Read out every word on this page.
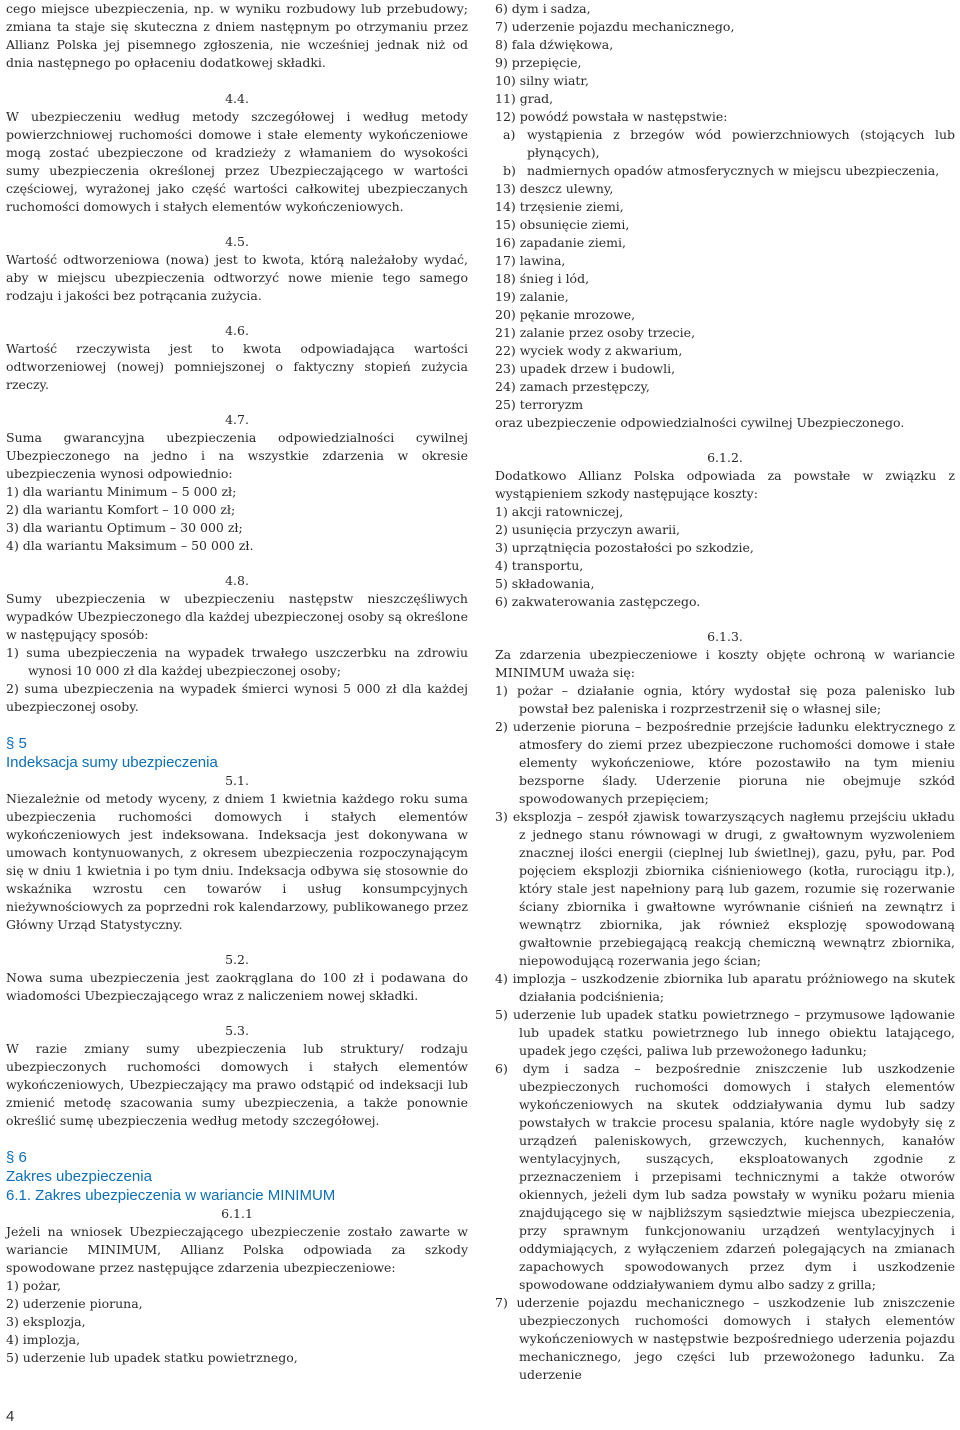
cego miejsce ubezpieczenia, np. w wyniku rozbudowy lub przebudowy; zmiana ta staje się skuteczna z dniem następnym po otrzymaniu przez Allianz Polska jej pisemnego zgłoszenia, nie wcześniej jednak niż od dnia następnego po opłaceniu dodatkowej składki.

4.4.

W ubezpieczeniu według metody szczegółowej i według metody powierzchniowej ruchomości domowe i stałe elementy wykończeniowe mogą zostać ubezpieczone od kradzieży z włamaniem do wysokości sumy ubezpieczenia określonej przez Ubezpieczającego w wartości częściowej, wyrażonej jako część wartości całkowitej ubezpieczanych ruchomości domowych i stałych elementów wykończeniowych.

4.5.

Wartość odtworzeniowa (nowa) jest to kwota, którą należałoby wydać, aby w miejscu ubezpieczenia odtworzyć nowe mienie tego samego rodzaju i jakości bez potrącania zużycia.

4.6.

Wartość rzeczywista jest to kwota odpowiadająca wartości odtworzeniowej (nowej) pomniejszonej o faktyczny stopień zużycia rzeczy.

4.7.

Suma gwarancyjna ubezpieczenia odpowiedzialności cywilnej Ubezpieczonego na jedno i na wszystkie zdarzenia w okresie ubezpieczenia wynosi odpowiednio:

1) dla wariantu Minimum – 5 000 zł;
2) dla wariantu Komfort – 10 000 zł;
3) dla wariantu Optimum – 30 000 zł;
4) dla wariantu Maksimum – 50 000 zł.

4.8.

Sumy ubezpieczenia w ubezpieczeniu następstw nieszczęśliwych wypadków Ubezpieczonego dla każdej ubezpieczonej osoby są określone w następujący sposób:

1) suma ubezpieczenia na wypadek trwałego uszczerbku na zdrowiu wynosi 10 000 zł dla każdej ubezpieczonej osoby;

2) suma ubezpieczenia na wypadek śmierci wynosi 5 000 zł dla każdej ubezpieczonej osoby.

§ 5
Indeksacja sumy ubezpieczenia

5.1.

Niezależnie od metody wyceny, z dniem 1 kwietnia każdego roku suma ubezpieczenia ruchomości domowych i stałych elementów wykończeniowych jest indeksowana. Indeksacja jest dokonywana w umowach kontynuowanych, z okresem ubezpieczenia rozpoczynającym się w dniu 1 kwietnia i po tym dniu. Indeksacja odbywa się stosownie do wskaźnika wzrostu cen towarów i usług konsumpcyjnych nieżywnościowych za poprzedni rok kalendarzowy, publikowanego przez Główny Urząd Statystyczny.

5.2.

Nowa suma ubezpieczenia jest zaokrąglana do 100 zł i podawana do wiadomości Ubezpieczającego wraz z naliczeniem nowej składki.

5.3.

W razie zmiany sumy ubezpieczenia lub struktury/ rodzaju ubezpieczonych ruchomości domowych i stałych elementów wykończeniowych, Ubezpieczający ma prawo odstąpić od indeksacji lub zmienić metodę szacowania sumy ubezpieczenia, a także ponownie określić sumę ubezpieczenia według metody szczegółowej.

§ 6
Zakres ubezpieczenia
6.1. Zakres ubezpieczenia w wariancie MINIMUM

6.1.1

Jeżeli na wniosek Ubezpieczającego ubezpieczenie zostało zawarte w wariancie MINIMUM, Allianz Polska odpowiada za szkody spowodowane przez następujące zdarzenia ubezpieczeniowe:

1) pożar,
2) uderzenie pioruna,
3) eksplozja,
4) implozja,
5) uderzenie lub upadek statku powietrznego,
6) dym i sadza,
7) uderzenie pojazdu mechanicznego,
8) fala dźwiękowa,
9) przepięcie,
10) silny wiatr,
11) grad,
12) powódź powstała w następstwie:

a) wystąpienia z brzegów wód powierzchniowych (stojących lub płynących),

b) nadmiernych opadów atmosferycznych w miejscu ubezpieczenia,

13) deszcz ulewny,
14) trzęsienie ziemi,
15) obsunięcie ziemi,
16) zapadanie ziemi,
17) lawina,
18) śnieg i lód,
19) zalanie,
20) pękanie mrozowe,
21) zalanie przez osoby trzecie,
22) wyciek wody z akwarium,
23) upadek drzew i budowli,
24) zamach przestępczy,
25) terroryzm

oraz ubezpieczenie odpowiedzialności cywilnej Ubezpieczonego.

6.1.2.

Dodatkowo Allianz Polska odpowiada za powstałe w związku z wystąpieniem szkody następujące koszty:

1) akcji ratowniczej,
2) usunięcia przyczyn awarii,
3) uprzątnięcia pozostałości po szkodzie,
4) transportu,
5) składowania,
6) zakwaterowania zastępczego.

6.1.3.

Za zdarzenia ubezpieczeniowe i koszty objęte ochroną w wariancie MINIMUM uważa się:

1) pożar – działanie ognia, który wydostał się poza palenisko lub powstał bez paleniska i rozprzestrzenił się o własnej sile;

2) uderzenie pioruna – bezpośrednie przejście ładunku elektrycznego z atmosfery do ziemi przez ubezpieczone ruchomości domowe i stałe elementy wykończeniowe, które pozostawiło na tym mieniu bezsporne ślady. Uderzenie pioruna nie obejmuje szkód spowodowanych przepięciem;

3) eksplozja – zespół zjawisk towarzyszących nagłemu przejściu układu z jednego stanu równowagi w drugi, z gwałtownym wyzwoleniem znacznej ilości energii (cieplnej lub świetlnej), gazu, pyłu, par. Pod pojęciem eksplozji zbiornika ciśnieniowego (kotła, rurociągu itp.), który stale jest napełniony parą lub gazem, rozumie się rozerwanie ściany zbiornika i gwałtowne wyrównanie ciśnień na zewnątrz i wewnątrz zbiornika, jak również eksplozję spowodowaną gwałtownie przebiegającą reakcją chemiczną wewnątrz zbiornika, niepowodującą rozerwania jego ścian;

4) implozja – uszkodzenie zbiornika lub aparatu próżniowego na skutek działania podciśnienia;

5) uderzenie lub upadek statku powietrznego – przymusowe lądowanie lub upadek statku powietrznego lub innego obiektu latającego, upadek jego części, paliwa lub przewożonego ładunku;

6) dym i sadza – bezpośrednie zniszczenie lub uszkodzenie ubezpieczonych ruchomości domowych i stałych elementów wykończeniowych na skutek oddziaływania dymu lub sadzy powstałych w trakcie procesu spalania, które nagle wydobyły się z urządzeń paleniskowych, grzewczych, kuchennych, kanałów wentylacyjnych, suszących, eksploatowanych zgodnie z przeznaczeniem i przepisami technicznymi a także otworów okiennych, jeżeli dym lub sadza powstały w wyniku pożaru mienia znajdującego się w najbliższym sąsiedztwie miejsca ubezpieczenia, przy sprawnym funkcjonowaniu urządzeń wentylacyjnych i oddymiających, z wyłączeniem zdarzeń polegających na zmianach zapachowych spowodowanych przez dym i uszkodzenie spowodowane oddziaływaniem dymu albo sadzy z grilla;

7) uderzenie pojazdu mechanicznego – uszkodzenie lub zniszczenie ubezpieczonych ruchomości domowych i stałych elementów wykończeniowych w następstwie bezpośredniego uderzenia pojazdu mechanicznego, jego części lub przewożonego ładunku. Za uderzenie

4
